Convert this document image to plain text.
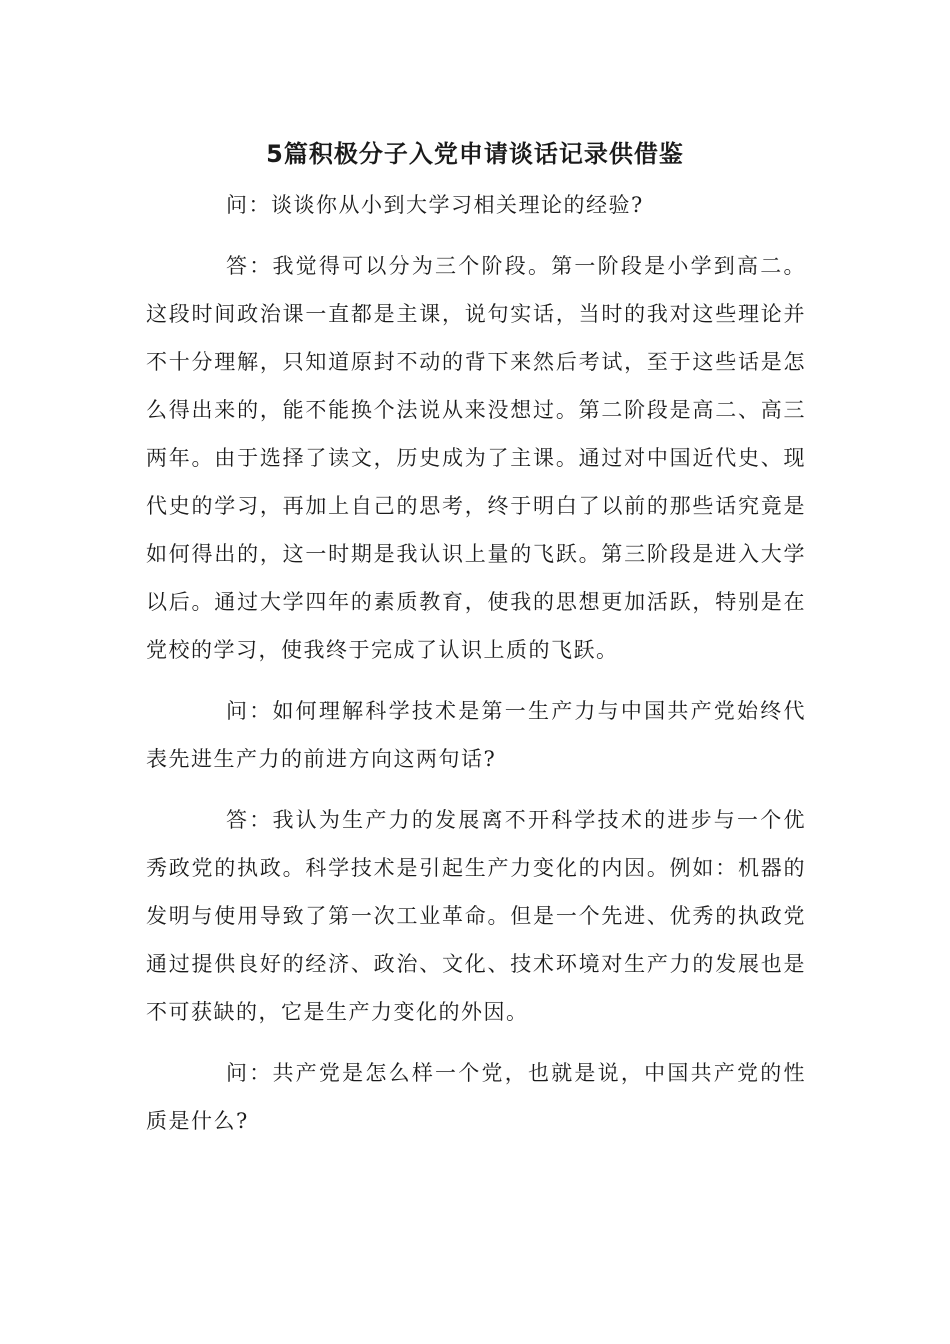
5篇积极分子入党申请谈话记录供借鉴

问：谈谈你从小到大学习相关理论的经验?

答：我觉得可以分为三个阶段。第一阶段是小学到高二。这段时间政治课一直都是主课，说句实话，当时的我对这些理论并不十分理解，只知道原封不动的背下来然后考试，至于这些话是怎么得出来的，能不能换个法说从来没想过。第二阶段是高二、高三两年。由于选择了读文，历史成为了主课。通过对中国近代史、现代史的学习，再加上自己的思考，终于明白了以前的那些话究竟是如何得出的，这一时期是我认识上量的飞跃。第三阶段是进入大学以后。通过大学四年的素质教育，使我的思想更加活跃，特别是在党校的学习，使我终于完成了认识上质的飞跃。

问：如何理解科学技术是第一生产力与中国共产党始终代表先进生产力的前进方向这两句话?

答：我认为生产力的发展离不开科学技术的进步与一个优秀政党的执政。科学技术是引起生产力变化的内因。例如：机器的发明与使用导致了第一次工业革命。但是一个先进、优秀的执政党通过提供良好的经济、政治、文化、技术环境对生产力的发展也是不可获缺的，它是生产力变化的外因。

问：共产党是怎么样一个党，也就是说，中国共产党的性质是什么?
